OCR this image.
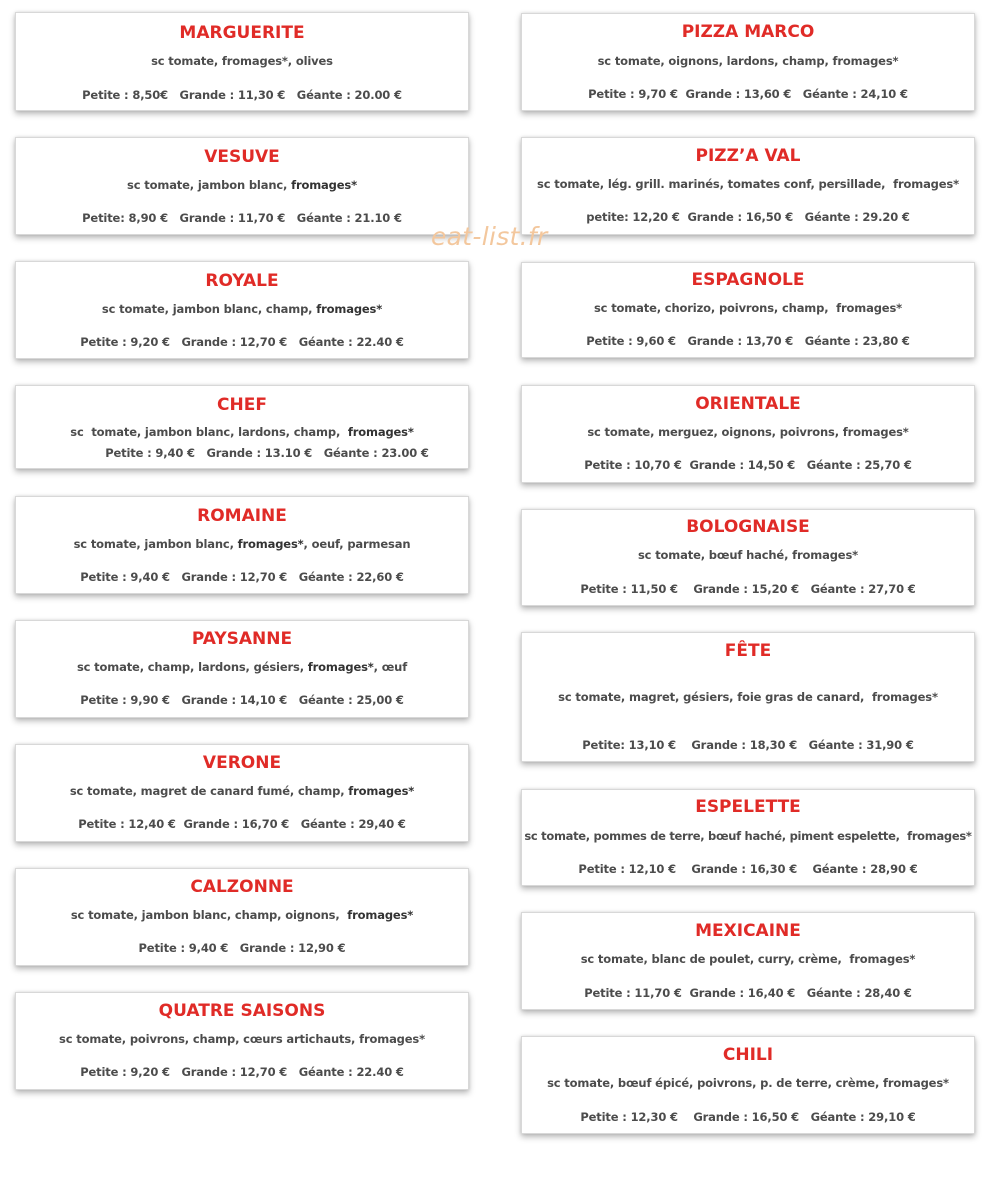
MARGUERITE
sc tomate, fromages*, olives
Petite : 8,50€   Grande : 11,30 €   Géante : 20.00 €
VESUVE
sc tomate, jambon blanc, fromages*
Petite: 8,90 €   Grande : 11,70 €   Géante : 21.10 €
ROYALE
sc tomate, jambon blanc, champ, fromages*
Petite : 9,20 €   Grande : 12,70 €   Géante : 22.40 €
CHEF
sc  tomate, jambon blanc, lardons, champ,  fromages*
Petite : 9,40 €   Grande : 13.10 €   Géante : 23.00 €
ROMAINE
sc tomate, jambon blanc, fromages*, oeuf, parmesan
Petite : 9,40 €   Grande : 12,70 €   Géante : 22,60 €
PAYSANNE
sc tomate, champ, lardons, gésiers, fromages*, œuf
Petite : 9,90 €   Grande : 14,10 €   Géante : 25,00 €
VERONE
sc tomate, magret de canard fumé, champ, fromages*
Petite : 12,40 €  Grande : 16,70 €   Géante : 29,40 €
CALZONNE
sc tomate, jambon blanc, champ, oignons,  fromages*
Petite : 9,40 €   Grande : 12,90 €
QUATRE SAISONS
sc tomate, poivrons, champ, cœurs artichauts, fromages*
Petite : 9,20 €   Grande : 12,70 €   Géante : 22.40 €
PIZZA MARCO
sc tomate, oignons, lardons, champ, fromages*
Petite : 9,70 €  Grande : 13,60 €   Géante : 24,10 €
PIZZ’A VAL
sc tomate, lég. grill. marinés, tomates conf, persillade,  fromages*
petite: 12,20 €  Grande : 16,50 €   Géante : 29.20 €
ESPAGNOLE
sc tomate, chorizo, poivrons, champ,  fromages*
Petite : 9,60 €   Grande : 13,70 €   Géante : 23,80 €
ORIENTALE
sc tomate, merguez, oignons, poivrons, fromages*
Petite : 10,70 €  Grande : 14,50 €   Géante : 25,70 €
BOLOGNAISE
sc tomate, bœuf haché, fromages*
Petite : 11,50 €    Grande : 15,20 €   Géante : 27,70 €
FÊTE
sc tomate, magret, gésiers, foie gras de canard,  fromages*
Petite: 13,10 €    Grande : 18,30 €   Géante : 31,90 €
ESPELETTE
sc tomate, pommes de terre, bœuf haché, piment espelette,  fromages*
Petite : 12,10 €    Grande : 16,30 €    Géante : 28,90 €
MEXICAINE
sc tomate, blanc de poulet, curry, crème,  fromages*
Petite : 11,70 €  Grande : 16,40 €   Géante : 28,40 €
CHILI
sc tomate, bœuf épicé, poivrons, p. de terre, crème, fromages*
Petite : 12,30 €    Grande : 16,50 €   Géante : 29,10 €
eat-list.fr
